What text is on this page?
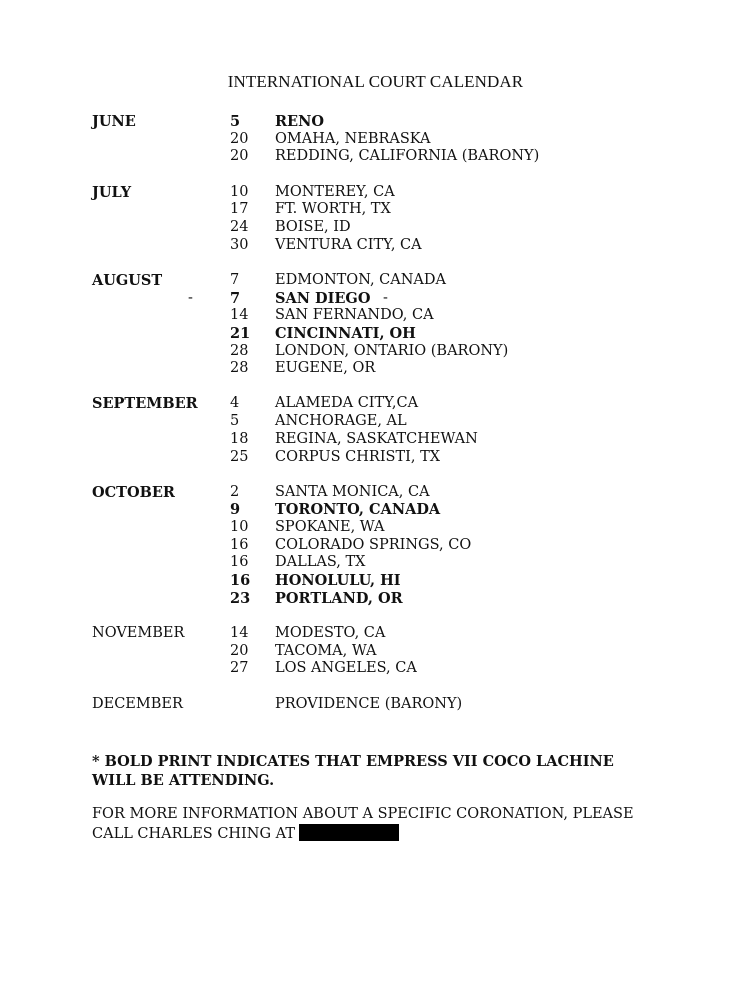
INTERNATIONAL COURT CALENDAR
JUNE	5 RENO
20 OMAHA, NEBRASKA
20 REDDING, CALIFORNIA (BARONY)
JULY	10 MONTEREY, CA
17 FT. WORTH, TX
24 BOISE, ID
30 VENTURA CITY, CA
AUGUST	7 EDMONTON, CANADA
-	7 SAN DIEGO -
14 SAN FERNANDO, CA
21 CINCINNATI, OH
28 LONDON, ONTARIO (BARONY)
28 EUGENE, OR
SEPTEMBER 4 ALAMEDA CITY,CA
5 ANCHORAGE, AL
18 REGINA, SASKATCHEWAN
25 CORPUS CHRISTI, TX
OCTOBER	2 SANTA MONICA, CA
9 TORONTO, CANADA
10 SPOKANE, WA
16 COLORADO SPRINGS, CO
16 DALLAS, TX
16 HONOLULU, HI
23 PORTLAND, OR
NOVEMBER	14 MODESTO, CA
20 TACOMA, WA
27 LOS ANGELES, CA
DECEMBER	PROVIDENCE (BARONY)
* BOLD PRINT INDICATES THAT EMPRESS VII COCO LACHINE WILL BE ATTENDING.
FOR MORE INFORMATION ABOUT A SPECIFIC CORONATION, PLEASE CALL CHARLES CHING AT
